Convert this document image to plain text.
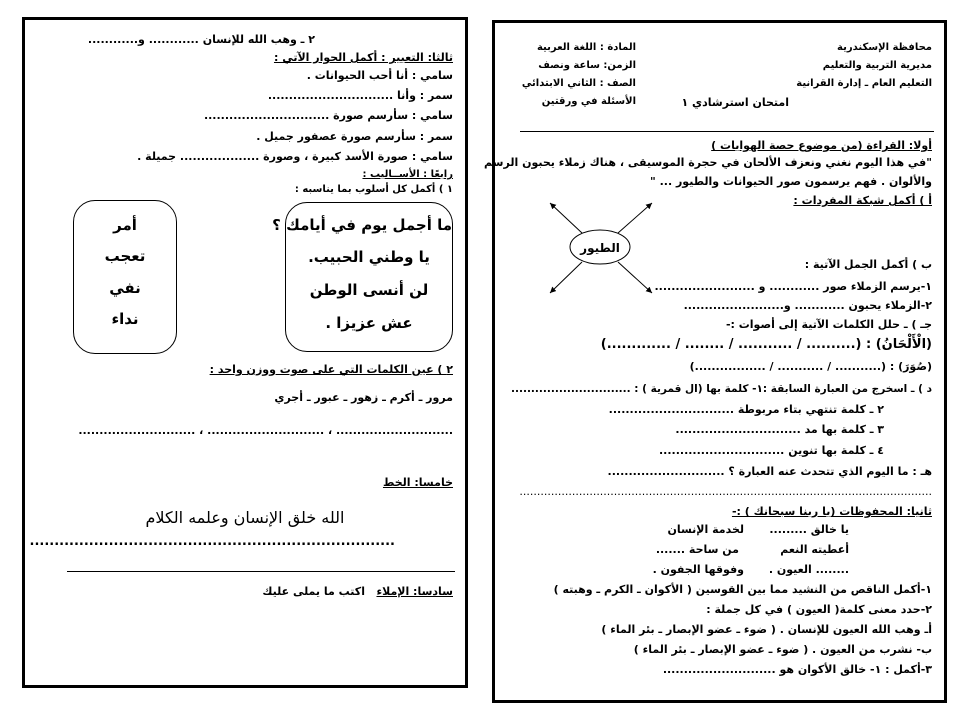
٢ ـ وهب الله للإنسان ............ و............
ثالثا: التعبير : أكمل الحوار الآتي :
سامي : أنا أحب الحيوانات .
سمر : وأنا ..............................
سامي : سأرسم صورة ..............................
سمر : سأرسم صورة عصفور جميل .
سامي : صورة الأسد كبيرة ، وصورة ................... جميلة .
رابعًا : الأســاليب :
١ ) أكمل كل أسلوب بما يناسبه :
ما أجمل يوم في أيامك ؟
يا وطني الحبيب.
لن أنسى الوطن
عش عزيزا .
أمر
تعجب
نفي
نداء
٢ ) عين الكلمات التي على صوت ووزن واحد :
مرور ـ أكرم ـ زهور ـ عبور ـ أجري
............................ ، ............................ ، ............................
خامسا: الخط
الله خلق الإنسان وعلمه الكلام
..........................................................................
سادسا: الإملاء   اكتب ما يملى عليك
محافظة الإسكندرية
مديرية التربية والتعليم
التعليم العام ـ إدارة القرانية
المادة : اللغة العربية
الزمن: ساعة ونصف
الصف : الثاني الابتدائي
الأسئلة في ورقتين	امتحان استرشادي ١
أولا: القراءة (من موضوع حصة الهوايات )
"في هذا اليوم نغني ونعزف الألحان في حجرة الموسيقى ، هناك زملاء يحبون الرسم
والألوان . فهم يرسمون صور الحيوانات والطيور ... "
أ ) أكمل شبكة المفردات :
الطيور
ب ) أكمل الجمل الآتية :
١-يرسم الزملاء صور ............ و ........................
٢-الزملاء يحبون ............ و........................
جـ ) ـ حلل الكلمات الآتية إلى أصوات :-
(الْأَلْحَانُ) : (.......... / ........... / ........ / .............)
(صُوَرَ) : (........... / ........... / .................)
د ) ـ اسخرج من العبارة السابقة :١- كلمة بها (ال قمرية ) : ..............................
٢ ـ كلمة تنتهي بتاء مربوطة ..............................
٣ ـ كلمة بها مد ..............................
٤ ـ كلمة بها تنوين ..............................
هـ : ما اليوم الذي تتحدث عنه العبارة ؟ ............................
......................................................................................................................
ثانيا: المحفوظات (يا ربنا سبحانك ) :-
يا خالق .........
لخدمة الإنسان
أعطيته النعم
من ساحة .......
........ العيون .
وفوقها الجفون .
١-أكمل الناقص من النشيد مما بين القوسين ( الأكوان ـ الكرم ـ وهبته )
٢-حدد معنى كلمة( العيون ) في كل جملة :
أـ وهب الله العيون للإنسان . ( ضوء ـ عضو الإبصار ـ بئر الماء )
ب- نشرب من العيون . ( ضوء ـ عضو الإبصار ـ بئر الماء )
٣-أكمل : ١- خالق الأكوان هو ...........................
